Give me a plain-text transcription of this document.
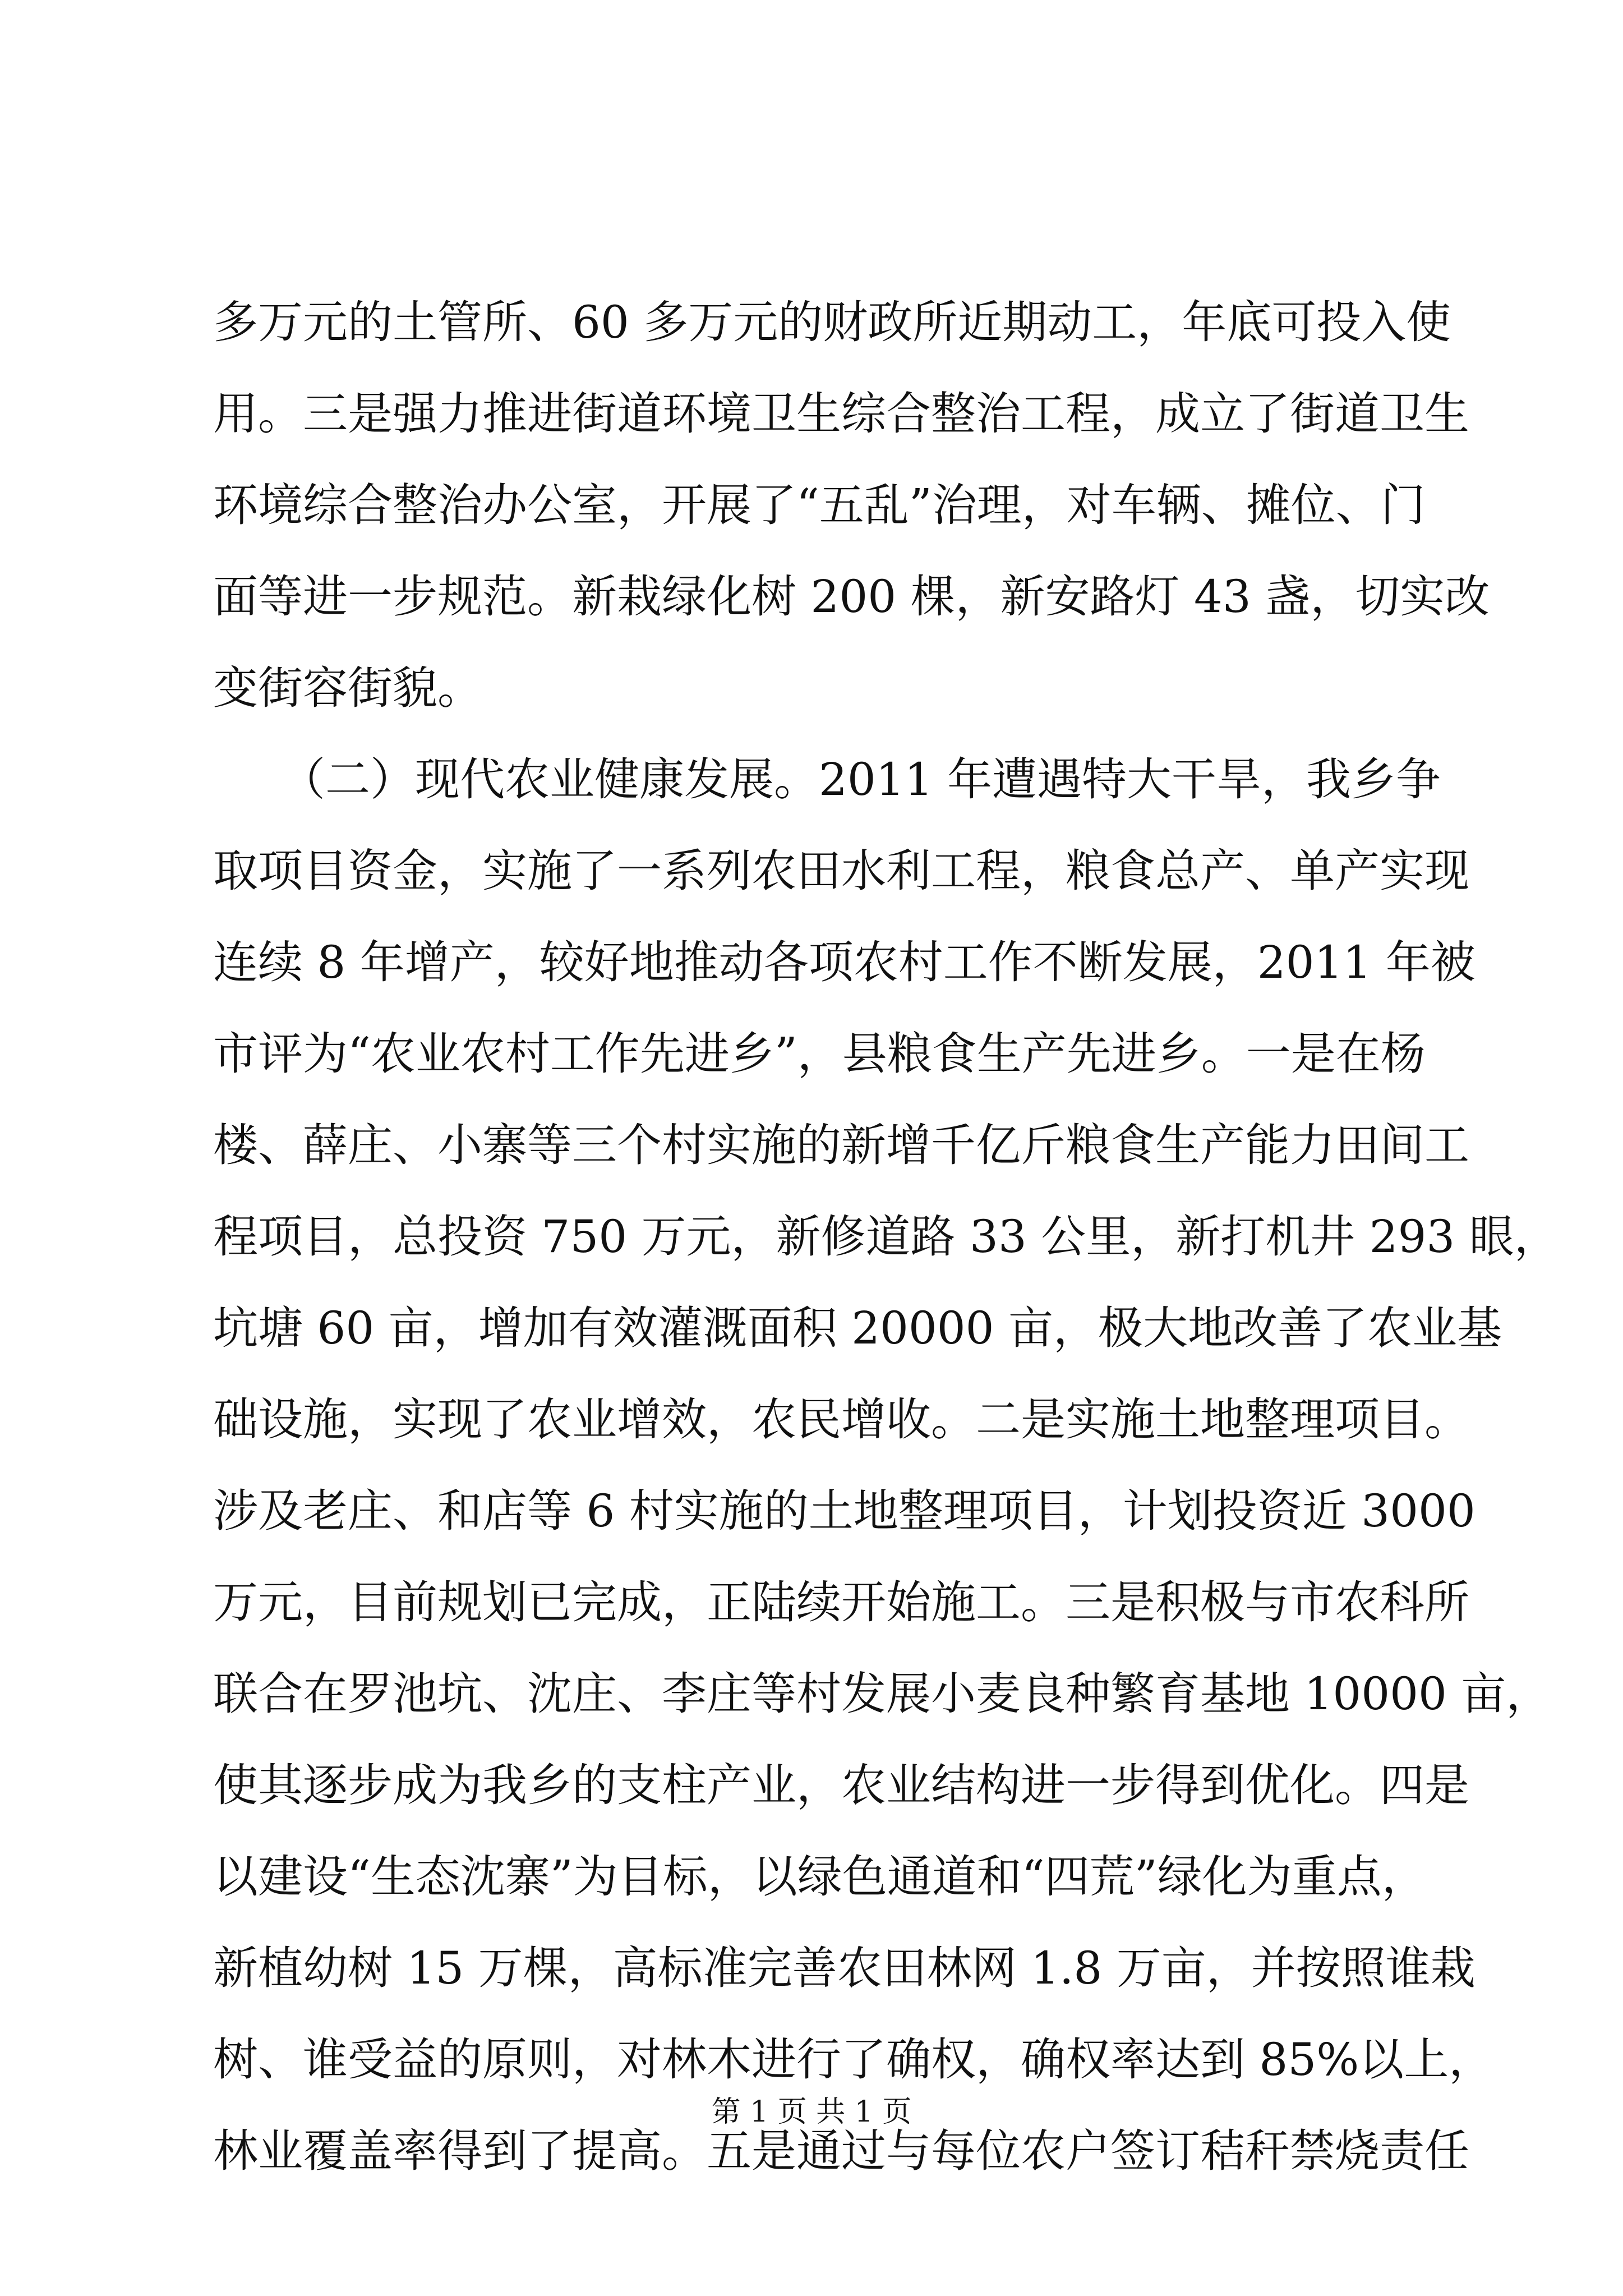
多万元的土管所、60 多万元的财政所近期动工，年底可投入使
用。三是强力推进街道环境卫生综合整治工程，成立了街道卫生
环境综合整治办公室，开展了“五乱”治理，对车辆、摊位、门
面等进一步规范。新栽绿化树 200 棵，新安路灯 43 盏，切实改
变街容街貌。
　　（二）现代农业健康发展。2011 年遭遇特大干旱，我乡争
取项目资金，实施了一系列农田水利工程，粮食总产、单产实现
连续 8 年增产，较好地推动各项农村工作不断发展，2011 年被
市评为“农业农村工作先进乡”，县粮食生产先进乡。一是在杨
楼、薛庄、小寨等三个村实施的新增千亿斤粮食生产能力田间工
程项目，总投资 750 万元，新修道路 33 公里，新打机井 293 眼，
坑塘 60 亩，增加有效灌溉面积 20000 亩，极大地改善了农业基
础设施，实现了农业增效，农民增收。二是实施土地整理项目。
涉及老庄、和店等 6 村实施的土地整理项目，计划投资近 3000
万元，目前规划已完成，正陆续开始施工。三是积极与市农科所
联合在罗池坑、沈庄、李庄等村发展小麦良种繁育基地 10000 亩，
使其逐步成为我乡的支柱产业，农业结构进一步得到优化。四是
以建设“生态沈寨”为目标，以绿色通道和“四荒”绿化为重点，
新植幼树 15 万棵，高标准完善农田林网 1.8 万亩，并按照谁栽
树、谁受益的原则，对林木进行了确权，确权率达到 85%以上，
林业覆盖率得到了提高。五是通过与每位农户签订秸秆禁烧责任
第 1 页 共 1 页
